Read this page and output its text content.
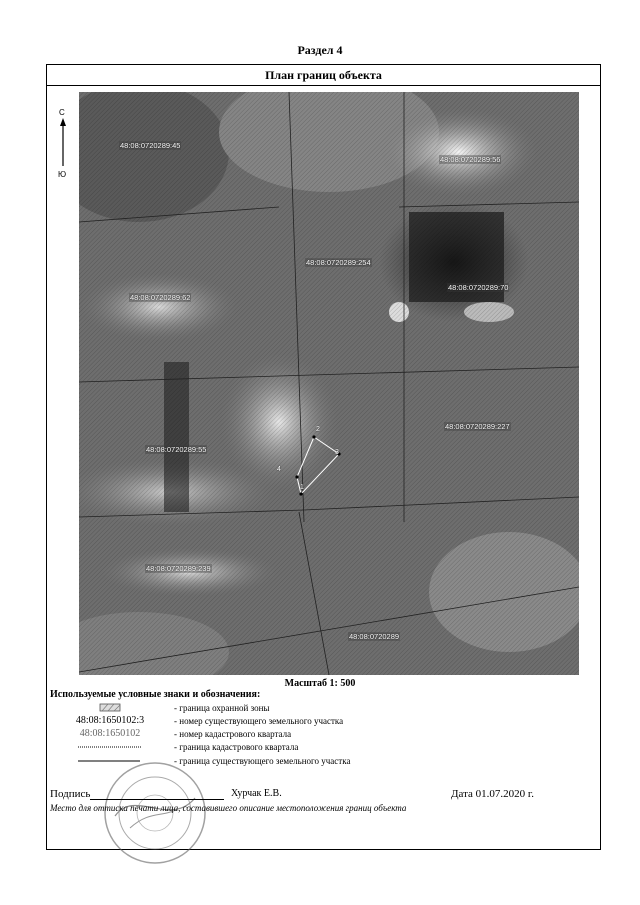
Раздел 4
План границ объекта
48:08:0720289:45
48:08:0720289:56
48:08:0720289:254
48:08:0720289:62
48:08:0720289:70
48:08:0720289:55
48:08:0720289:227
48:08:0720289:239
48:08:0720289
2
3
1
4
С
Ю
Масштаб 1: 500
Используемые условные знаки и обозначения:
- граница охранной зоны
48:08:1650102:3	- номер существующего земельного участка
48:08:1650102	- номер кадастрового квартала
- граница кадастрового квартала
- граница существующего земельного участка
Подпись	Хурчак Е.В.	Дата 01.07.2020 г.
Место для оттиска печати лица, составившего описание местоположения границ объекта
